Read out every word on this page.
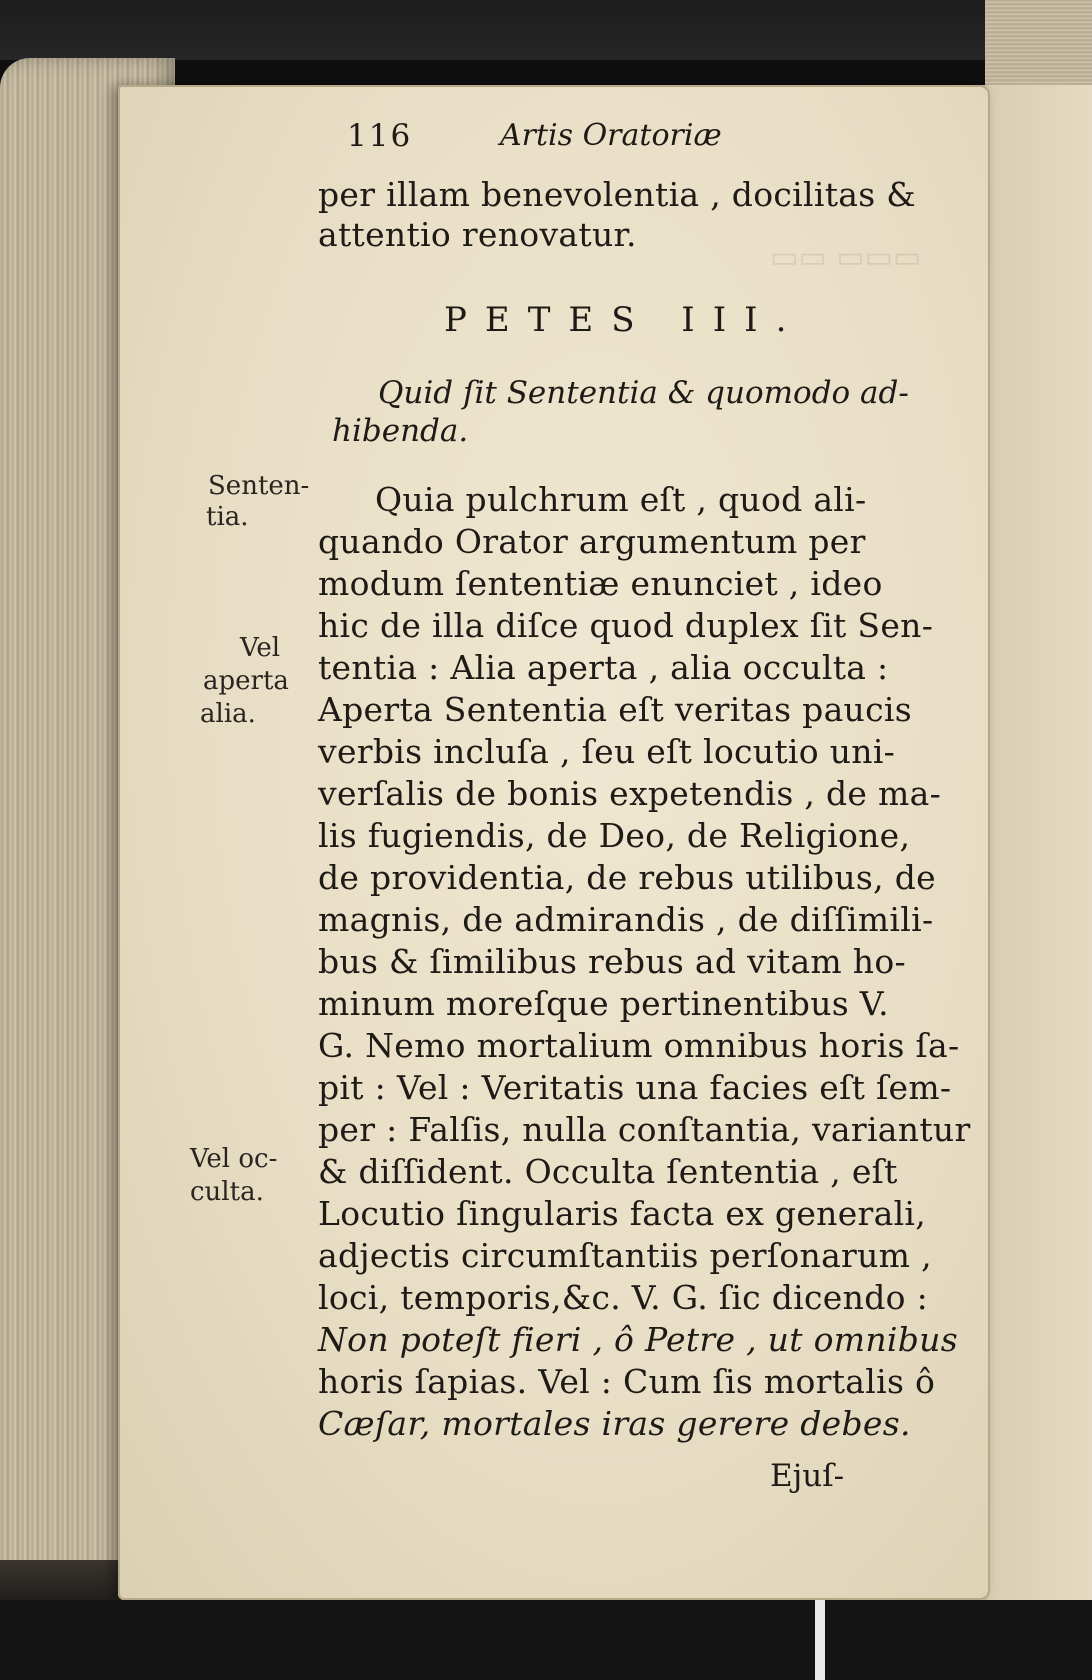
▭▭ ▭▭▭
116	Artis Oratoriæ
per illam benevolentia , docilitas &
attentio renovatur.
PETES III.
Quid ſit Sententia & quomodo ad-
hibenda.
Senten-
tia.
Vel
aperta
alia.
Vel oc-
culta.
Quia pulchrum eſt , quod ali-
quando Orator argumentum per
modum ſententiæ enunciet , ideo
hic de illa diſce quod duplex ſit Sen-
tentia : Alia aperta , alia occulta :
Aperta Sententia eſt veritas paucis
verbis incluſa , ſeu eſt locutio uni-
verſalis de bonis expetendis , de ma-
lis fugiendis, de Deo, de Religione,
de providentia, de rebus utilibus, de
magnis, de admirandis , de diſſimili-
bus & ſimilibus rebus ad vitam ho-
minum moreſque pertinentibus V.
G. Nemo mortalium omnibus horis ſa-
pit : Vel : Veritatis una facies eſt ſem-
per : Falſis, nulla conſtantia, variantur
& diſſident. Occulta ſententia , eſt
Locutio ſingularis facta ex generali,
adjectis circumſtantiis perſonarum ,
loci, temporis,&c. V. G. ſic dicendo :
Non poteſt fieri , ô Petre , ut omnibus
horis ſapias. Vel : Cum ſis mortalis ô
Cæſar, mortales iras gerere debes.
Ejuſ-
